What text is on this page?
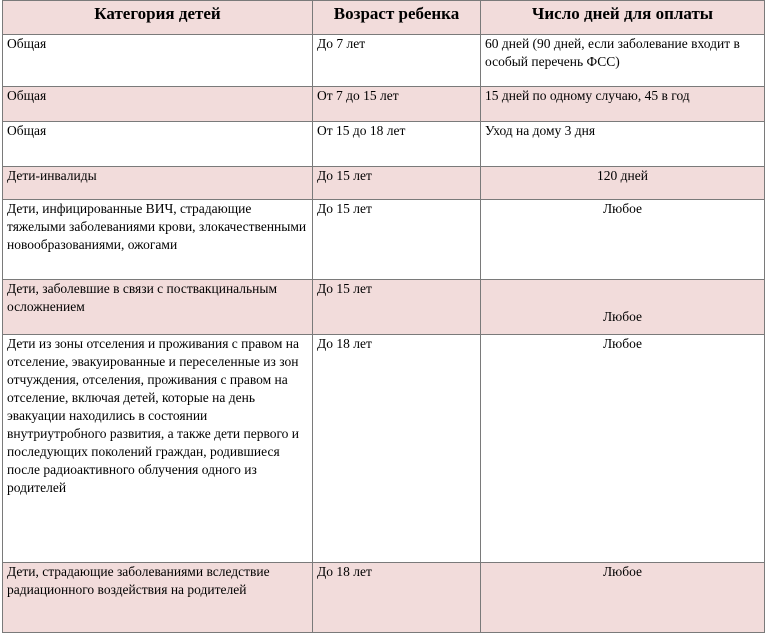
Категория детей	Возраст ребенка	Число дней для оплаты
Общая	До 7 лет	60 дней (90 дней, если заболевание входит в особый перечень ФСС)
Общая	От 7 до 15 лет	15 дней по одному случаю, 45 в год
Общая	От 15 до 18 лет	Уход на дому 3 дня
Дети-инвалиды	До 15 лет	120 дней
Дети, инфицированные ВИЧ, страдающие тяжелыми заболеваниями крови, злокачественными новообразованиями, ожогами	До 15 лет	Любое
Дети, заболевшие в связи с поствакцинальным осложнением	До 15 лет	Любое
Дети из зоны отселения и проживания с правом на отселение, эвакуированные и переселенные из зон отчуждения, отселения, проживания с правом на отселение, включая детей, которые на день эвакуации находились в состоянии внутриутробного развития, а также дети первого и последующих поколений граждан, родившиеся после радиоактивного облучения одного из родителей	До 18 лет	Любое
Дети, страдающие заболеваниями вследствие радиационного воздействия на родителей	До 18 лет	Любое
